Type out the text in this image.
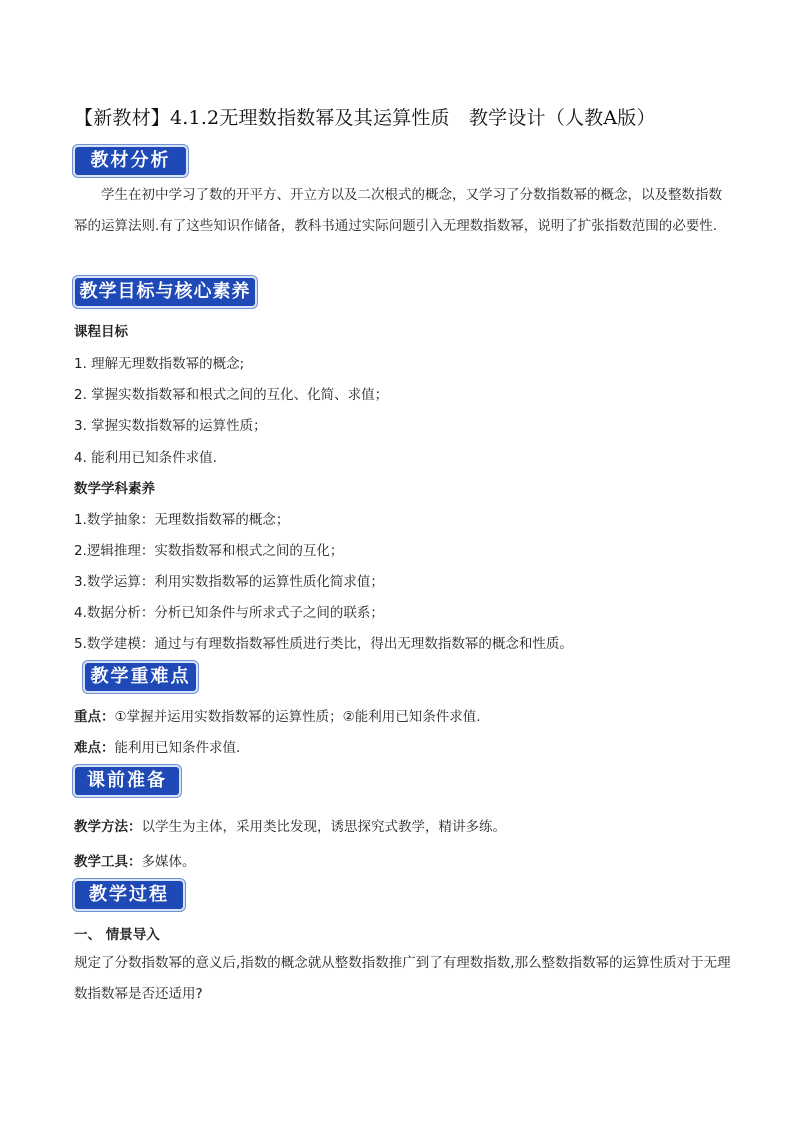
【新教材】4.1.2无理数指数幂及其运算性质　教学设计（人教A版）
教材分析
学生在初中学习了数的开平方、开立方以及二次根式的概念，又学习了分数指数幂的概念，以及整数指数幂的运算法则.有了这些知识作储备，教科书通过实际问题引入无理数指数幂，说明了扩张指数范围的必要性.
教学目标与核心素养
课程目标
1. 理解无理数指数幂的概念;
2. 掌握实数指数幂和根式之间的互化、化简、求值；
3. 掌握实数指数幂的运算性质；
4. 能利用已知条件求值.
数学学科素养
1.数学抽象：无理数指数幂的概念；
2.逻辑推理：实数指数幂和根式之间的互化；
3.数学运算：利用实数指数幂的运算性质化简求值；
4.数据分析：分析已知条件与所求式子之间的联系；
5.数学建模：通过与有理数指数幂性质进行类比，得出无理数指数幂的概念和性质。
教学重难点
重点：①掌握并运用实数指数幂的运算性质；②能利用已知条件求值.
难点：能利用已知条件求值.
课前准备
教学方法：以学生为主体，采用类比发现，诱思探究式教学，精讲多练。
教学工具：多媒体。
教学过程
一、 情景导入
规定了分数指数幂的意义后,指数的概念就从整数指数推广到了有理数指数,那么整数指数幂的运算性质对于无理数指数幂是否还适用?
